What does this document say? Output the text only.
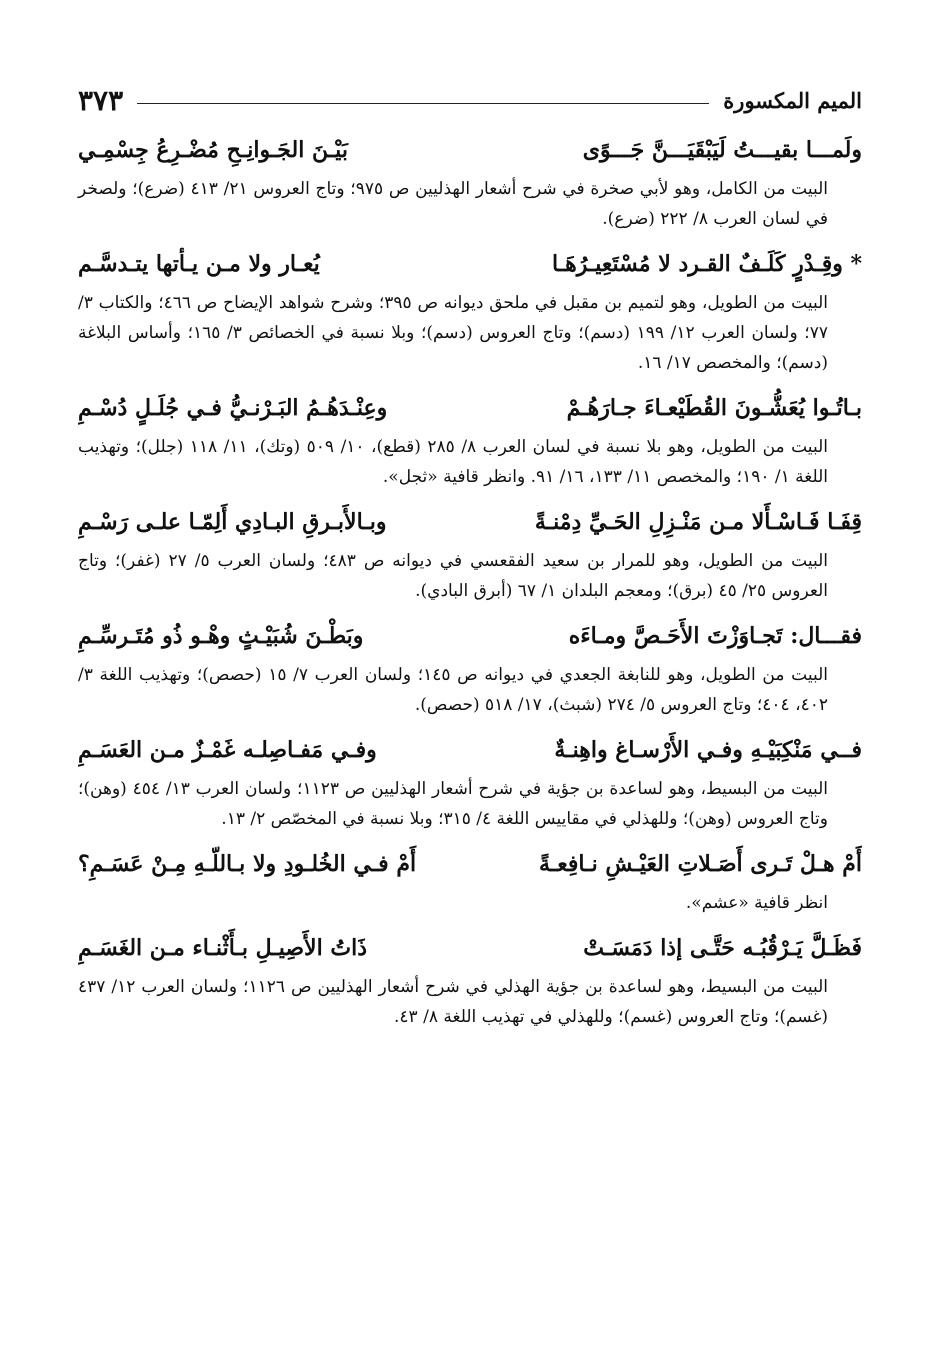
الميم المكسورة
٣٧٣
ولَمـــا بقيـــتُ لَيَبْقَيَـــنَّ جَـــوًى
بَيْـنَ الجَـوانِـحِ مُضْـرِعُ جِسْمِـي
البيت من الكامل، وهو لأبي صخرة في شرح أشعار الهذليين ص ٩٧٥؛ وتاج العروس ٢١/ ٤١٣ (ضرع)؛ ولصخر في لسان العرب ٨/ ٢٢٢ (ضرع).
* وقِـدْرٍ كَلَـفٌ القـرد لا مُسْتَعِيـرُهَـا
يُعـار ولا مـن يـأتها يتـدسَّـم
البيت من الطويل، وهو لتميم بن مقبل في ملحق ديوانه ص ٣٩٥؛ وشرح شواهد الإيضاح ص ٤٦٦؛ والكتاب ٣/ ٧٧؛ ولسان العرب ١٢/ ١٩٩ (دسم)؛ وتاج العروس (دسم)؛ وبلا نسبة في الخصائص ٣/ ١٦٥؛ وأساس البلاغة (دسم)؛ والمخصص ١٧/ ١٦.
بـاتُـوا يُعَشُّـونَ القُطَيْعـاءَ جـارَهُـمْ
وعِنْـدَهُـمُ البَـرْنـيُّ فـي جُلَـلٍ دُسْـمِ
البيت من الطويل، وهو بلا نسبة في لسان العرب ٨/ ٢٨٥ (قطع)، ١٠/ ٥٠٩ (وتك)، ١١/ ١١٨ (جلل)؛ وتهذيب اللغة ١/ ١٩٠؛ والمخصص ١١/ ١٣٣، ١٦/ ٩١. وانظر قافية «ثجل».
قِفَـا فَـاسْـأَلا مـن مَنْـزِلِ الحَـيِّ دِمْنـةً
وبـالأَبـرقِ البـادِي أَلِمّـا علـى رَسْـمِ
البيت من الطويل، وهو للمرار بن سعيد الفقعسي في ديوانه ص ٤٨٣؛ ولسان العرب ٥/ ٢٧ (غفر)؛ وتاج العروس ٢٥/ ٤٥ (برق)؛ ومعجم البلدان ١/ ٦٧ (أبرق البادي).
فقـــال: تَجـاوَزْتَ الأَحَـصَّ ومـاءَه
وبَطْـنَ شُبَيْـثٍ وهْـو ذُو مُتَـرسِّـمِ
البيت من الطويل، وهو للنابغة الجعدي في ديوانه ص ١٤٥؛ ولسان العرب ٧/ ١٥ (حصص)؛ وتهذيب اللغة ٣/ ٤٠٢، ٤٠٤؛ وتاج العروس ٥/ ٢٧٤ (شبث)، ١٧/ ٥١٨ (حصص).
فــي مَنْكِبَيْـهِ وفـي الأَرْسـاغ واهِنـةٌ
وفـي مَفـاصِلـه غَمْـزٌ مـن العَسَـمِ
البيت من البسيط، وهو لساعدة بن جؤية في شرح أشعار الهذليين ص ١١٢٣؛ ولسان العرب ١٣/ ٤٥٤ (وهن)؛ وتاج العروس (وهن)؛ وللهذلي في مقاييس اللغة ٤/ ٣١٥؛ وبلا نسبة في المخصّص ٢/ ١٣.
أَمْ هـلْ تَـرى أَصَـلاتِ العَيْـشِ نـافِعـةً
أَمْ فـي الخُلـودِ ولا بـاللّـهِ مِـنْ عَسَـمِ؟
انظر قافية «عشم».
فَظَـلَّ يَـرْقُبُـه حَتَّـى إذا دَمَسَـتْ
ذَاتُ الأَصِيـلِ بـأَثْنـاء مـن الغَسَـمِ
البيت من البسيط، وهو لساعدة بن جؤية الهذلي في شرح أشعار الهذليين ص ١١٢٦؛ ولسان العرب ١٢/ ٤٣٧ (غسم)؛ وتاج العروس (غسم)؛ وللهذلي في تهذيب اللغة ٨/ ٤٣.
